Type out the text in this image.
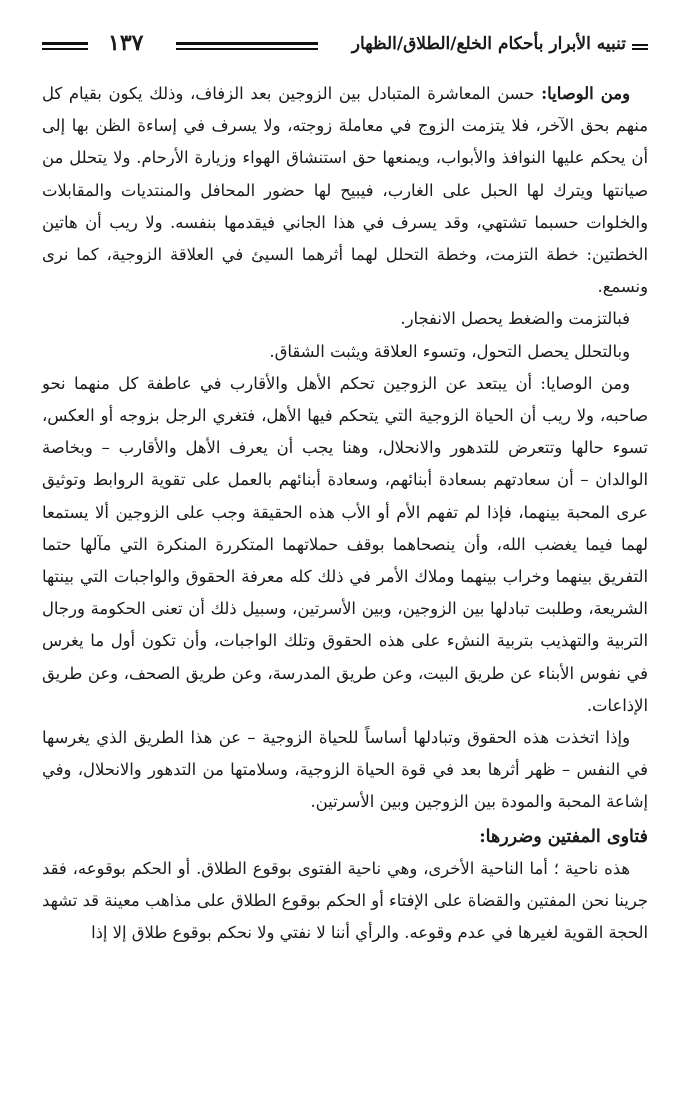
تنبيه الأبرار بأحكام الخلع/الطلاق/الظهار
١٣٧

ومن الوصايا: حسن المعاشرة المتبادل بين الزوجين بعد الزفاف، وذلك يكون بقيام كل منهم بحق الآخر، فلا يتزمت الزوج في معاملة زوجته، ولا يسرف في إساءة الظن بها إلى أن يحكم عليها النوافذ والأبواب، ويمنعها حق استنشاق الهواء وزيارة الأرحام. ولا يتحلل من صيانتها ويترك لها الحبل على الغارب، فيبيح لها حضور المحافل والمنتديات والمقابلات والخلوات حسبما تشتهي، وقد يسرف في هذا الجاني فيقدمها بنفسه. ولا ريب أن هاتين الخطتين: خطة التزمت، وخطة التحلل لهما أثرهما السيئ في العلاقة الزوجية، كما نرى ونسمع.

فبالتزمت والضغط يحصل الانفجار.

وبالتحلل يحصل التحول، وتسوء العلاقة ويثبت الشقاق.

ومن الوصايا: أن يبتعد عن الزوجين تحكم الأهل والأقارب في عاطفة كل منهما نحو صاحبه، ولا ريب أن الحياة الزوجية التي يتحكم فيها الأهل، فتغري الرجل بزوجه أو العكس، تسوء حالها وتتعرض للتدهور والانحلال، وهنا يجب أن يعرف الأهل والأقارب – وبخاصة الوالدان – أن سعادتهم بسعادة أبنائهم، وسعادة أبنائهم بالعمل على تقوية الروابط وتوثيق عرى المحبة بينهما، فإذا لم تفهم الأم أو الأب هذه الحقيقة وجب على الزوجين ألا يستمعا لهما فيما يغضب الله، وأن ينصحاهما بوقف حملاتهما المتكررة المنكرة التي مآلها حتما التفريق بينهما وخراب بينهما وملاك الأمر في ذلك كله معرفة الحقوق والواجبات التي بينتها الشريعة، وطلبت تبادلها بين الزوجين، وبين الأسرتين، وسبيل ذلك أن تعنى الحكومة ورجال التربية والتهذيب بتربية النشء على هذه الحقوق وتلك الواجبات، وأن تكون أول ما يغرس في نفوس الأبناء عن طريق البيت، وعن طريق المدرسة، وعن طريق الصحف، وعن طريق الإذاعات.

وإذا اتخذت هذه الحقوق وتبادلها أساساً للحياة الزوجية – عن هذا الطريق الذي يغرسها في النفس – ظهر أثرها بعد في قوة الحياة الزوجية، وسلامتها من التدهور والانحلال، وفي إشاعة المحبة والمودة بين الزوجين وبين الأسرتين.

فتاوى المفتين وضررها:

هذه ناحية ؛ أما الناحية الأخرى، وهي ناحية الفتوى بوقوع الطلاق. أو الحكم بوقوعه، فقد جرينا نحن المفتين والقضاة على الإفتاء أو الحكم بوقوع الطلاق على مذاهب معينة قد تشهد الحجة القوية لغيرها في عدم وقوعه. والرأي أننا لا نفتي ولا نحكم بوقوع طلاق إلا إذا
